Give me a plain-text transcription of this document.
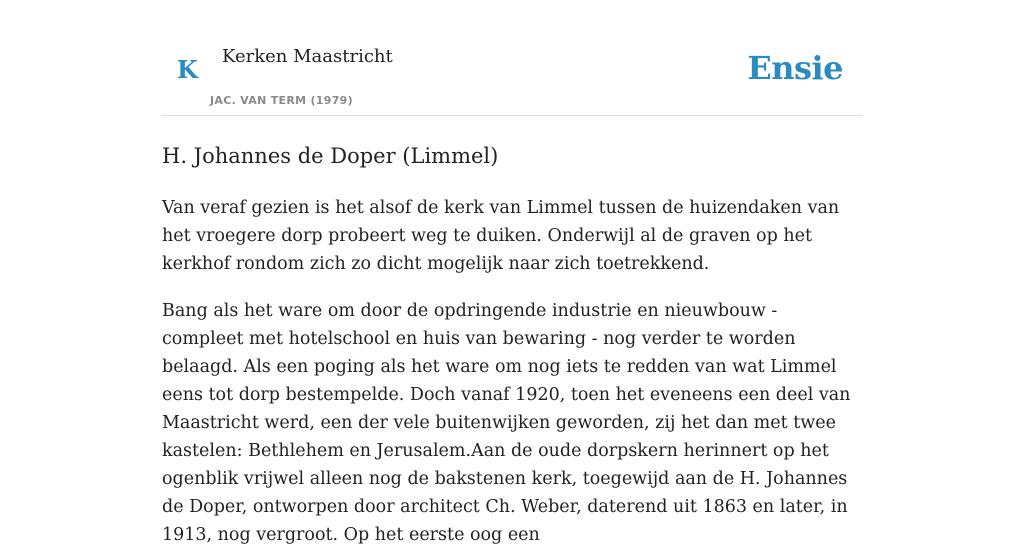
K Kerken Maastricht
JAC. VAN TERM (1979)
Ensie
H. Johannes de Doper (Limmel)

Van veraf gezien is het alsof de kerk van Limmel tussen de huizendaken van het vroegere dorp probeert weg te duiken. Onderwijl al de graven op het kerkhof rondom zich zo dicht mogelijk naar zich toetrekkend.

Bang als het ware om door de opdringende industrie en nieuwbouw - compleet met hotelschool en huis van bewaring - nog verder te worden belaagd. Als een poging als het ware om nog iets te redden van wat Limmel eens tot dorp bestempelde. Doch vanaf 1920, toen het eveneens een deel van Maastricht werd, een der vele buitenwijken geworden, zij het dan met twee kastelen: Bethlehem en Jerusalem.Aan de oude dorpskern herinnert op het ogenblik vrijwel alleen nog de bakstenen kerk, toegewijd aan de H. Johannes de Doper, ontworpen door architect Ch. Weber, daterend uit 1863 en later, in 1913, nog vergroot. Op het eerste oog een
